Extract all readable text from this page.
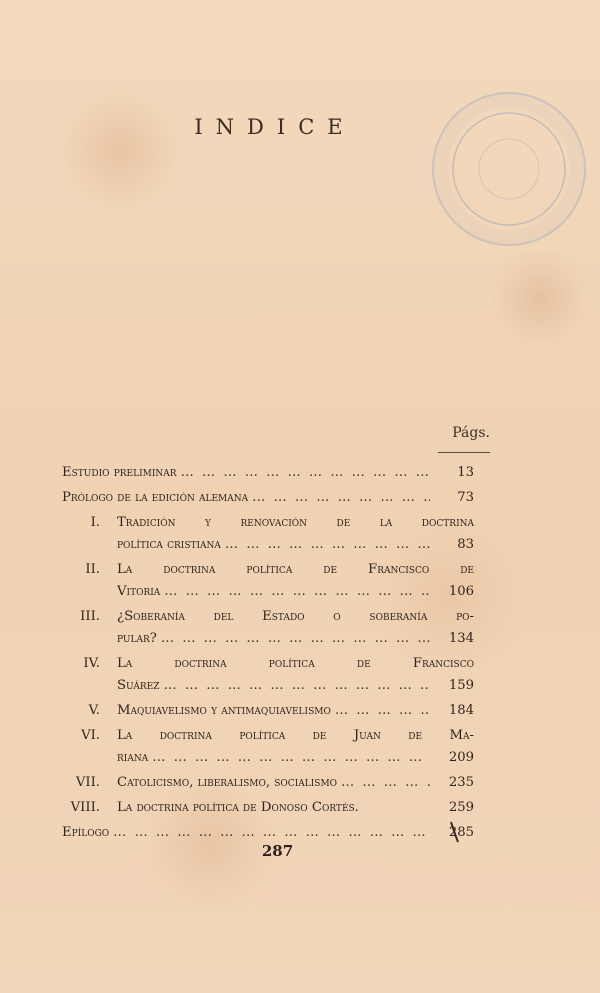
INDICE
Págs.
Estudio preliminar … … … … … … … … … … … … … … … … … … … … … … … … … …	13
Prólogo de la edición alemana … … … … … … … … … … … … … … … … … … … … … … … … … …	73
I. Tradición y renovación de la doctrina
política cristiana … … … … … … … … … … … … … … … … … … … … … … … … … …	83
II. La doctrina política de Francisco de
Vitoria … … … … … … … … … … … … … … … … … … … … … … … … … …	106
III. ¿Soberanía del Estado o soberanía po-
pular? … … … … … … … … … … … … … … … … … … … … … … … … … …	134
IV. La doctrina política de Francisco
Suárez … … … … … … … … … … … … … … … … … … … … … … … … … …	159
V. Maquiavelismo y antimaquiavelismo … … … … … … … … … … … … … … … … … … … … … … … … … …	184
VI. La doctrina política de Juan de Ma-
riana … … … … … … … … … … … … … … … … … … … … … … … … … …	209
VII. Catolicismo, liberalismo, socialismo … … … … … … … … … … … … … … … … … … … … … … … … … …	235
VIII. La doctrina política de Donoso Cortés.	259
Epílogo … … … … … … … … … … … … … … … … … … … … … … … … … …	285
287
